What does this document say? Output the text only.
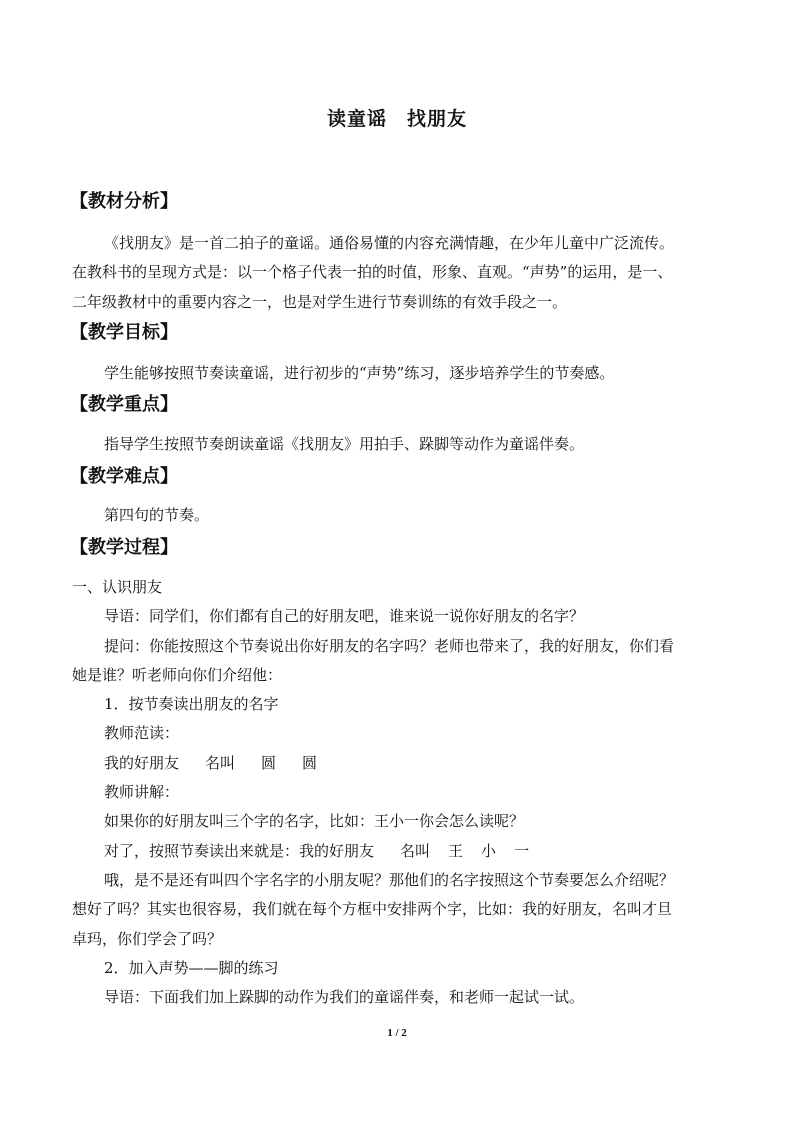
读童谣　找朋友
【教材分析】
《找朋友》是一首二拍子的童谣。通俗易懂的内容充满情趣，在少年儿童中广泛流传。
在教科书的呈现方式是：以一个格子代表一拍的时值，形象、直观。“声势”的运用，是一、
二年级教材中的重要内容之一，也是对学生进行节奏训练的有效手段之一。
【教学目标】
学生能够按照节奏读童谣，进行初步的“声势”练习，逐步培养学生的节奏感。
【教学重点】
指导学生按照节奏朗读童谣《找朋友》用拍手、跺脚等动作为童谣伴奏。
【教学难点】
第四句的节奏。
【教学过程】
一、认识朋友
导语：同学们，你们都有自己的好朋友吧，谁来说一说你好朋友的名字？
提问：你能按照这个节奏说出你好朋友的名字吗？老师也带来了，我的好朋友，你们看
她是谁？听老师向你们介绍他：
1．按节奏读出朋友的名字
教师范读：
我的好朋友 名叫 圆 圆
教师讲解：
如果你的好朋友叫三个字的名字，比如：王小一你会怎么读呢？
对了，按照节奏读出来就是：我的好朋友 名叫 王 小 一
哦，是不是还有叫四个字名字的小朋友呢？那他们的名字按照这个节奏要怎么介绍呢？
想好了吗？其实也很容易，我们就在每个方框中安排两个字，比如：我的好朋友，名叫才旦
卓玛，你们学会了吗？
2．加入声势——脚的练习
导语：下面我们加上跺脚的动作为我们的童谣伴奏，和老师一起试一试。
1 / 2
